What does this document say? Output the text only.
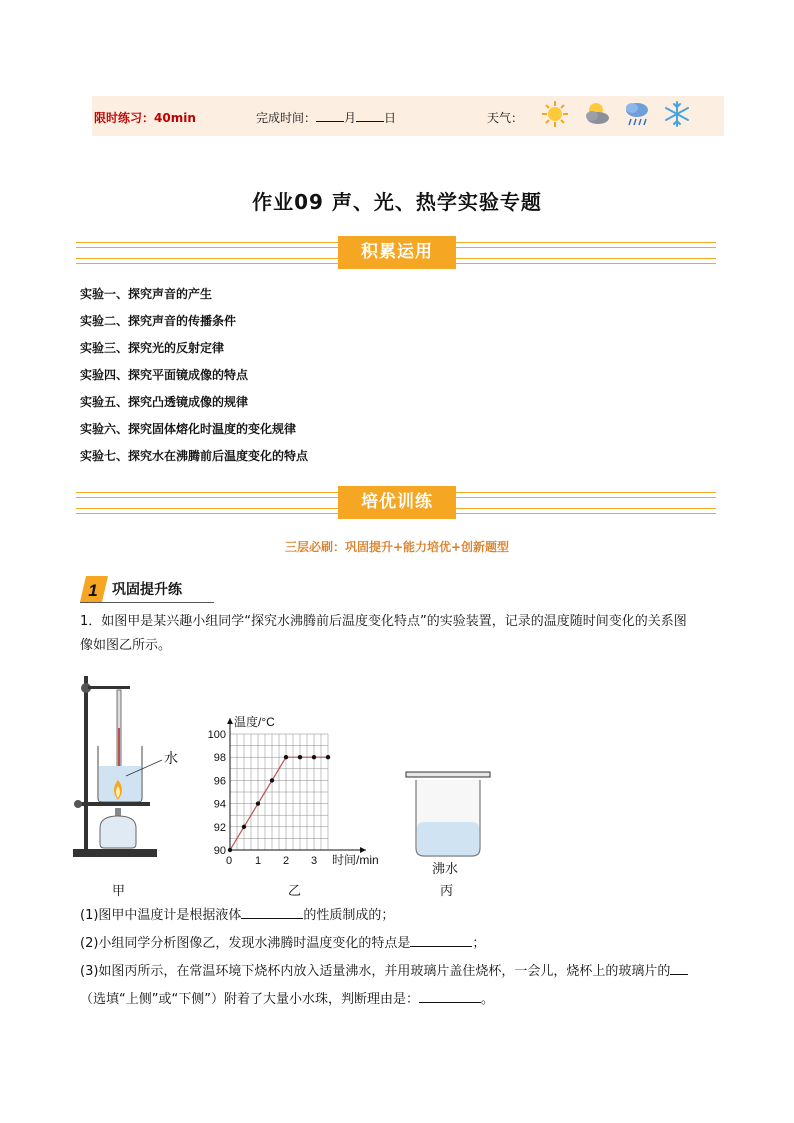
限时练习：40min	完成时间： 月 日	天气：
作业09 声、光、热学实验专题
积累运用
实验一、探究声音的产生
实验二、探究声音的传播条件
实验三、探究光的反射定律
实验四、探究平面镜成像的特点
实验五、探究凸透镜成像的规律
实验六、探究固体熔化时温度的变化规律
实验七、探究水在沸腾前后温度变化的特点
培优训练
三层必刷：巩固提升+能力培优+创新题型
1 巩固提升练
1．如图甲是某兴趣小组同学“探究水沸腾前后温度变化特点”的实验装置，记录的温度随时间变化的关系图
像如图乙所示。
水
甲
90
92
94
96
98
100
0 1 2 3
温度/°C
时间/min
乙
沸水
丙
(1)图甲中温度计是根据液体	的性质制成的；
(2)小组同学分析图像乙，发现水沸腾时温度变化的特点是	；
(3)如图丙所示，在常温环境下烧杯内放入适量沸水，并用玻璃片盖住烧杯，一会儿，烧杯上的玻璃片的
（选填“上侧”或“下侧”）附着了大量小水珠，判断理由是：	。
